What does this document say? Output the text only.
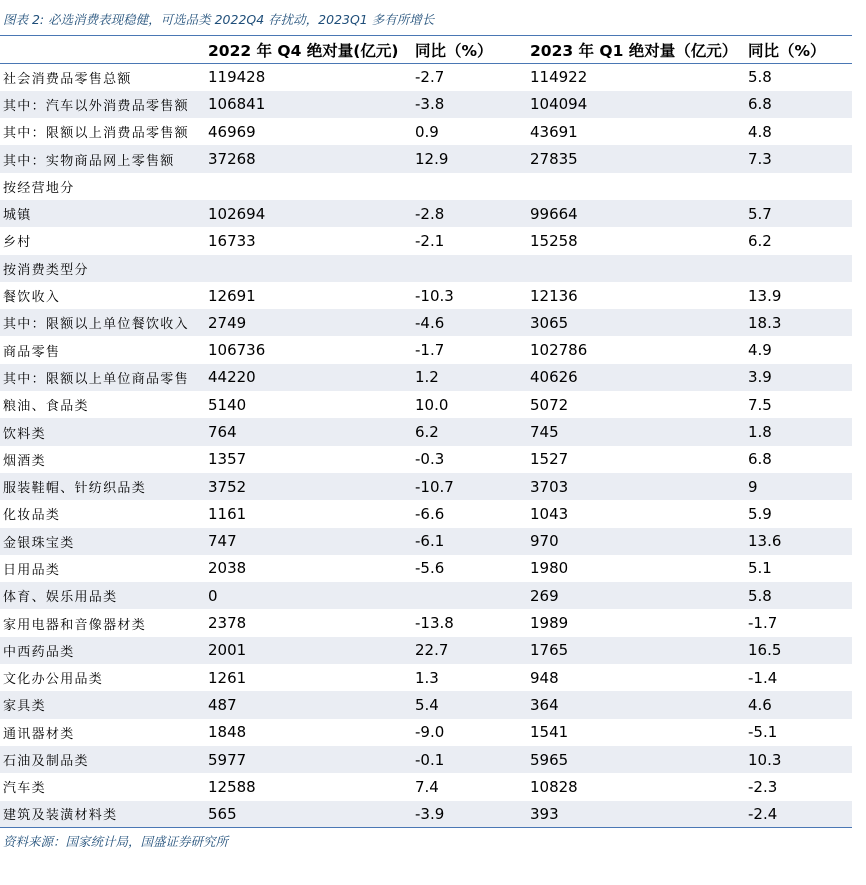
图表 2: 必选消费表现稳健，可选品类 2022Q4 存扰动，2023Q1 多有所增长
	2022 年 Q4 绝对量(亿元)	同比（%）	2023 年 Q1 绝对量（亿元）	同比（%）
社会消费品零售总额	119428	-2.7	114922	5.8
其中：汽车以外消费品零售额	106841	-3.8	104094	6.8
其中：限额以上消费品零售额	46969	0.9	43691	4.8
其中：实物商品网上零售额	37268	12.9	27835	7.3
按经营地分				
城镇	102694	-2.8	99664	5.7
乡村	16733	-2.1	15258	6.2
按消费类型分				
餐饮收入	12691	-10.3	12136	13.9
其中：限额以上单位餐饮收入	2749	-4.6	3065	18.3
商品零售	106736	-1.7	102786	4.9
其中：限额以上单位商品零售	44220	1.2	40626	3.9
粮油、食品类	5140	10.0	5072	7.5
饮料类	764	6.2	745	1.8
烟酒类	1357	-0.3	1527	6.8
服装鞋帽、针纺织品类	3752	-10.7	3703	9
化妆品类	1161	-6.6	1043	5.9
金银珠宝类	747	-6.1	970	13.6
日用品类	2038	-5.6	1980	5.1
体育、娱乐用品类	0		269	5.8
家用电器和音像器材类	2378	-13.8	1989	-1.7
中西药品类	2001	22.7	1765	16.5
文化办公用品类	1261	1.3	948	-1.4
家具类	487	5.4	364	4.6
通讯器材类	1848	-9.0	1541	-5.1
石油及制品类	5977	-0.1	5965	10.3
汽车类	12588	7.4	10828	-2.3
建筑及装潢材料类	565	-3.9	393	-2.4
资料来源：国家统计局，国盛证券研究所
